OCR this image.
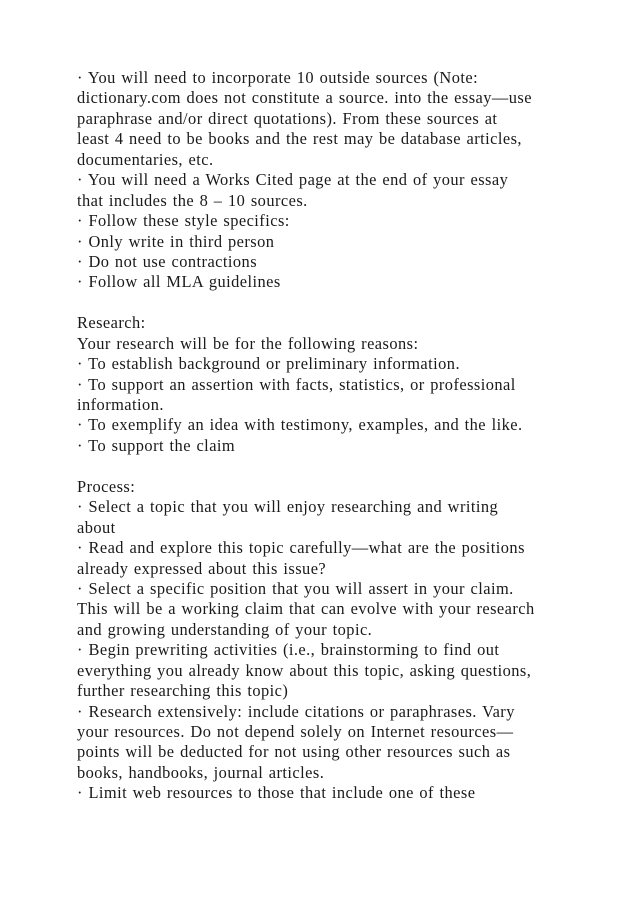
· You will need to incorporate 10 outside sources (Note:
dictionary.com does not constitute a source. into the essay—use
paraphrase and/or direct quotations). From these sources at
least 4 need to be books and the rest may be database articles,
documentaries, etc.
· You will need a Works Cited page at the end of your essay
that includes the 8 – 10 sources.
· Follow these style specifics:
· Only write in third person
· Do not use contractions
· Follow all MLA guidelines
Research:
Your research will be for the following reasons:
· To establish background or preliminary information.
· To support an assertion with facts, statistics, or professional
information.
· To exemplify an idea with testimony, examples, and the like.
· To support the claim
Process:
· Select a topic that you will enjoy researching and writing
about
· Read and explore this topic carefully—what are the positions
already expressed about this issue?
· Select a specific position that you will assert in your claim.
This will be a working claim that can evolve with your research
and growing understanding of your topic.
· Begin prewriting activities (i.e., brainstorming to find out
everything you already know about this topic, asking questions,
further researching this topic)
· Research extensively: include citations or paraphrases. Vary
your resources. Do not depend solely on Internet resources—
points will be deducted for not using other resources such as
books, handbooks, journal articles.
· Limit web resources to those that include one of these
